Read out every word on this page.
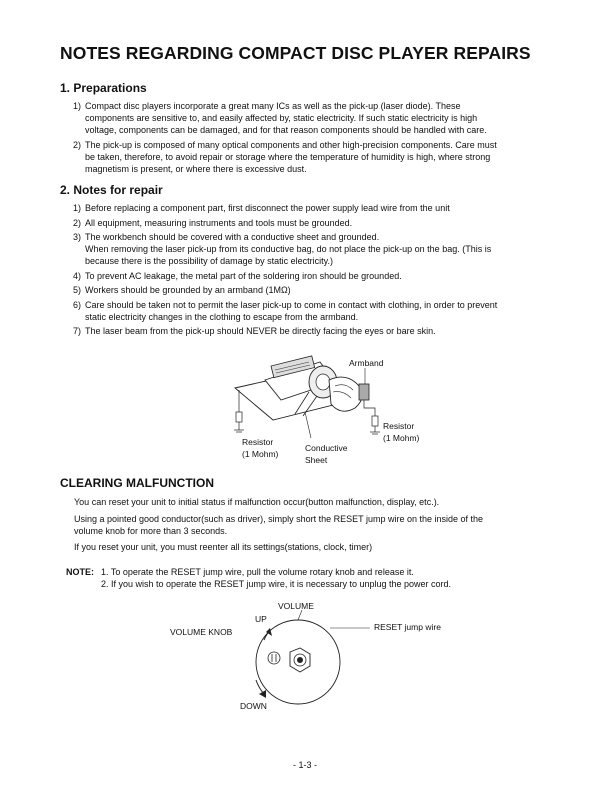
NOTES REGARDING COMPACT DISC PLAYER REPAIRS
1. Preparations
1) Compact disc players incorporate a great many ICs as well as the pick-up (laser diode). These
components are sensitive to, and easily affected by, static electricity. If such static electricity is high
voltage, components can be damaged, and for that reason components should be handled with care.
2) The pick-up is composed of many optical components and other high-precision components. Care must
be taken, therefore, to avoid repair or storage where the temperature of humidity is high, where strong
magnetism is present, or where there is excessive dust.
2. Notes for repair
1) Before replacing a component part, first disconnect the power supply lead wire from the unit
2) All equipment, measuring instruments and tools must be grounded.
3) The workbench should be covered with a conductive sheet and grounded.
When removing the laser pick-up from its conductive bag, do not place the pick-up on the bag. (This is
because there is the possibility of damage by static electricity.)
4) To prevent AC leakage, the metal part of the soldering iron should be grounded.
5) Workers should be grounded by an armband (1MΩ)
6) Care should be taken not to permit the laser pick-up to come in contact with clothing, in order to prevent
static electricity changes in the clothing to escape from the armband.
7) The laser beam from the pick-up should NEVER be directly facing the eyes or bare skin.
Armband
Resistor
(1 Mohm)
Conductive
Sheet
Resistor
(1 Mohm)
CLEARING MALFUNCTION

You can reset your unit to initial status if malfunction occur(button malfunction, display, etc.).

Using a pointed good conductor(such as driver), simply short the RESET jump wire on the inside of the

volume knob for more than 3 seconds.

If you reset your unit, you must reenter all its settings(stations, clock, timer)

NOTE: 1. To operate the RESET jump wire, pull the volume rotary knob and release it.
2. If you wish to operate the RESET jump wire, it is necessary to unplug the power cord.
VOLUME
UP
VOLUME KNOB	RESET jump wire
DOWN
- 1-3 -
